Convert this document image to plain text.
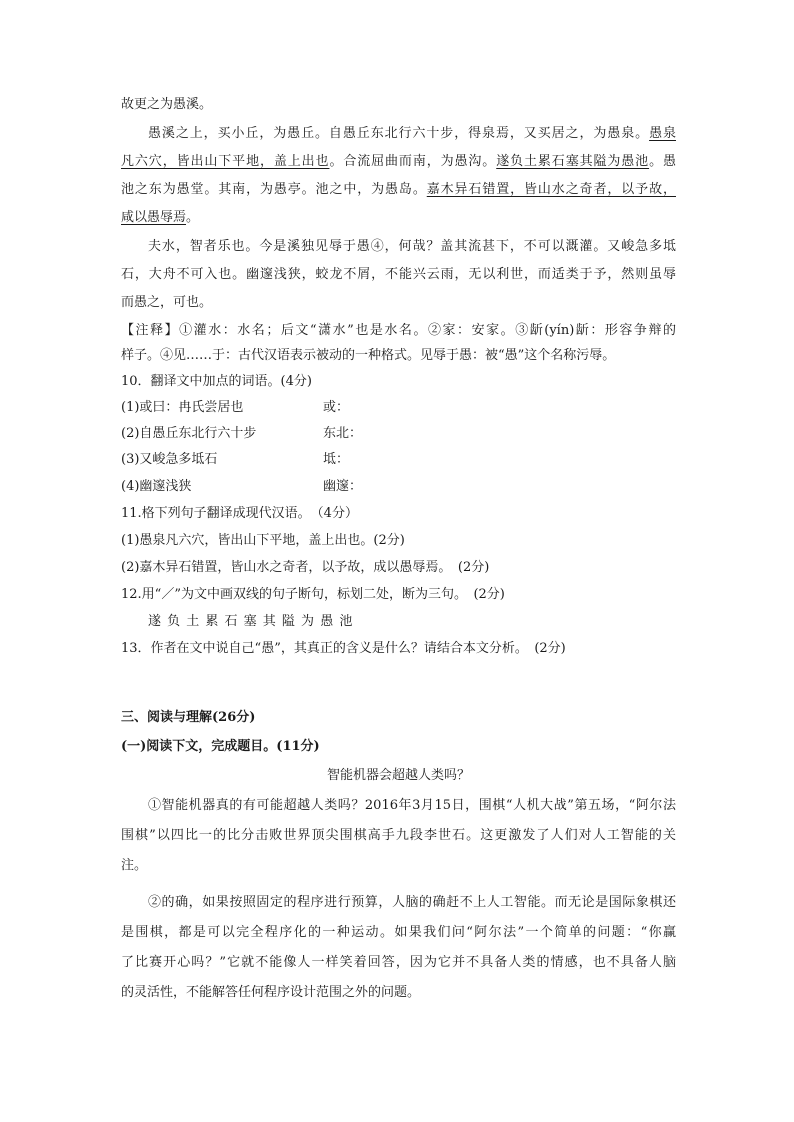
故更之为愚溪。
愚溪之上，买小丘，为愚丘。自愚丘东北行六十步，得泉焉，又买居之，为愚泉。愚泉
凡六穴，皆出山下平地，盖上出也。合流屈曲而南，为愚沟。遂负土累石塞其隘为愚池。愚
池之东为愚堂。其南，为愚亭。池之中，为愚岛。嘉木异石错置，皆山水之奇者，以予故，
咸以愚辱焉。
夫水，智者乐也。今是溪独见辱于愚④，何哉？盖其流甚下，不可以溉灌。又峻急多坻
石，大舟不可入也。幽邃浅狭，蛟龙不屑，不能兴云雨，无以利世，而适类于予，然则虽辱
而愚之，可也。
【注释】①灌水：水名；后文“潇水”也是水名。②家：安家。③龂(yín)龂：形容争辩的
样子。④见……于：古代汉语表示被动的一种格式。见辱于愚：被“愚”这个名称污辱。
10．翻译文中加点的词语。(4分)
(1)或曰：冉氏尝居也	或：
(2)自愚丘东北行六十步	东北：
(3)又峻急多坻石	坻：
(4)幽邃浅狭	幽邃：
11.格下列句子翻译成现代汉语。　（4分）
(1)愚泉凡六穴，皆出山下平地，盖上出也。(2分)
(2)嘉木异石错置，皆山水之奇者，以予故，成以愚辱焉。　(2分)
12.用“／”为文中画双线的句子断句，标划二处，断为三句。　(2分)
遂 负 土 累 石 塞 其 隘 为 愚 池
13．作者在文中说自己“愚”，其真正的含义是什么？请结合本文分析。　(2分)
三、阅读与理解(26分)
(一)阅读下文，完成题目。(11分)
智能机器会超越人类吗？
①智能机器真的有可能超越人类吗？2016年3月15日，围棋“人机大战”第五场，“阿尔法
围棋”以四比一的比分击败世界顶尖围棋高手九段李世石。这更激发了人们对人工智能的关
注。
②的确，如果按照固定的程序进行预算，人脑的确赶不上人工智能。而无论是国际象棋还
是围棋，都是可以完全程序化的一种运动。如果我们问“阿尔法”一个简单的问题：“你赢
了比赛开心吗？”它就不能像人一样笑着回答，因为它并不具备人类的情感，也不具备人脑
的灵活性，不能解答任何程序设计范围之外的问题。
